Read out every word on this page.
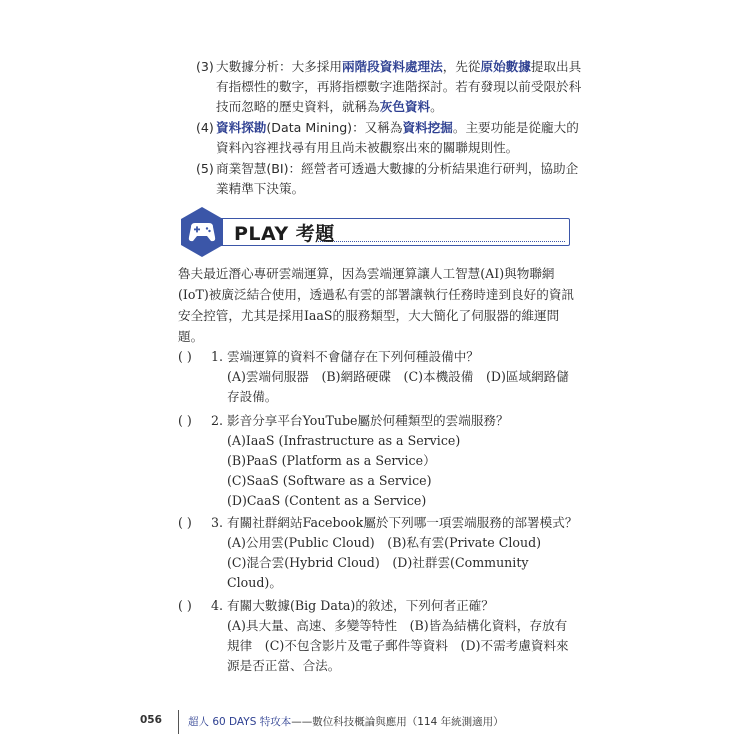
(3) 大數據分析：大多採用兩階段資料處理法，先從原始數據提取出具有指標性的數字，再將指標數字進階探討。若有發現以前受限於科技而忽略的歷史資料，就稱為灰色資料。
(4) 資料探勘(Data Mining)：又稱為資料挖掘。主要功能是從龐大的資料內容裡找尋有用且尚未被觀察出來的關聯規則性。
(5) 商業智慧(BI)：經營者可透過大數據的分析結果進行研判，協助企業精準下決策。
PLAY 考題
魯夫最近潛心專研雲端運算，因為雲端運算讓人工智慧(AI)與物聯網(IoT)被廣泛結合使用，透過私有雲的部署讓執行任務時達到良好的資訊安全控管，尤其是採用IaaS的服務類型，大大簡化了伺服器的維運問題。
( ) 1. 雲端運算的資料不會儲存在下列何種設備中？
(A)雲端伺服器　(B)網路硬碟　(C)本機設備　(D)區域網路儲存設備。
( ) 2. 影音分享平台YouTube屬於何種類型的雲端服務？
(A)IaaS (Infrastructure as a Service)
(B)PaaS (Platform as a Service）
(C)SaaS (Software as a Service)
(D)CaaS (Content as a Service)
( ) 3. 有關社群網站Facebook屬於下列哪一項雲端服務的部署模式？
(A)公用雲(Public Cloud)　(B)私有雲(Private Cloud)
(C)混合雲(Hybrid Cloud)　(D)社群雲(Community Cloud)。
( ) 4. 有關大數據(Big Data)的敘述，下列何者正確？
(A)具大量、高速、多變等特性　(B)皆為結構化資料，存放有規律　(C)不包含影片及電子郵件等資料　(D)不需考慮資料來源是否正當、合法。
056 超人 60 DAYS 特攻本——數位科技概論與應用（114 年統測適用）
